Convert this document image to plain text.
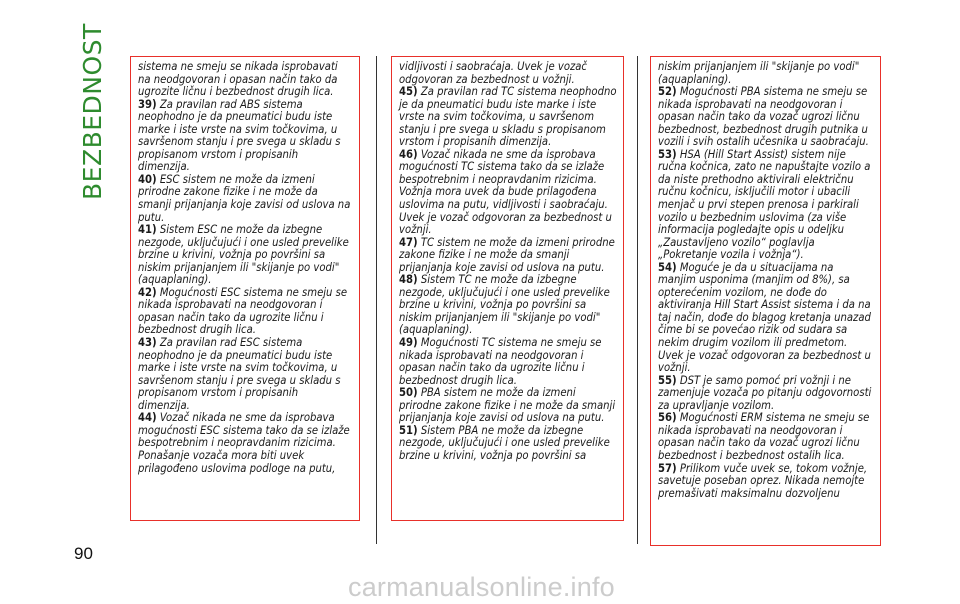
BEZBEDNOST	sistema ne smeju se nikada isprobavati na neodgovoran i opasan način tako da ugrozite ličnu i bezbednost drugih lica.

39) Za pravilan rad ABS sistema neophodno je da pneumatici budu iste marke i iste vrste na svim točkovima, u savršenom stanju i pre svega u skladu s propisanom vrstom i propisanih dimenzija.

40) ESC sistem ne može da izmeni prirodne zakone fizike i ne može da smanji prijanjanja koje zavisi od uslova na putu.

41) Sistem ESC ne može da izbegne nezgode, uključujući i one usled prevelike brzine u krivini, vožnja po površini sa niskim prijanjanjem ili "skijanje po vodi" (aquaplaning).

42) Mogućnosti ESC sistema ne smeju se nikada isprobavati na neodgovoran i opasan način tako da ugrozite ličnu i bezbednost drugih lica.

43) Za pravilan rad ESC sistema neophodno je da pneumatici budu iste marke i iste vrste na svim točkovima, u savršenom stanju i pre svega u skladu s propisanom vrstom i propisanih dimenzija.

44) Vozač nikada ne sme da isprobava mogućnosti ESC sistema tako da se izlaže bespotrebnim i neopravdanim rizicima. Ponašanje vozača mora biti uvek prilagođeno uslovima podloge na putu,

vidljivosti i saobraćaja. Uvek je vozač odgovoran za bezbednost u vožnji.

45) Za pravilan rad TC sistema neophodno je da pneumatici budu iste marke i iste vrste na svim točkovima, u savršenom stanju i pre svega u skladu s propisanom vrstom i propisanih dimenzija.

46) Vozač nikada ne sme da isprobava mogućnosti TC sistema tako da se izlaže bespotrebnim i neopravdanim rizicima. Vožnja mora uvek da bude prilagođena uslovima na putu, vidljivosti i saobraćaju. Uvek je vozač odgovoran za bezbednost u vožnji.

47) TC sistem ne može da izmeni prirodne zakone fizike i ne može da smanji prijanjanja koje zavisi od uslova na putu.

48) Sistem TC ne može da izbegne nezgode, uključujući i one usled prevelike brzine u krivini, vožnja po površini sa niskim prijanjanjem ili "skijanje po vodi" (aquaplaning).

49) Mogućnosti TC sistema ne smeju se nikada isprobavati na neodgovoran i opasan način tako da ugrozite ličnu i bezbednost drugih lica.

50) PBA sistem ne može da izmeni prirodne zakone fizike i ne može da smanji prijanjanja koje zavisi od uslova na putu.

51) Sistem PBA ne može da izbegne nezgode, uključujući i one usled prevelike brzine u krivini, vožnja po površini sa

niskim prijanjanjem ili "skijanje po vodi" (aquaplaning).

52) Mogućnosti PBA sistema ne smeju se nikada isprobavati na neodgovoran i opasan način tako da vozač ugrozi ličnu bezbednost, bezbednost drugih putnika u vozili i svih ostalih učesnika u saobraćaju.

53) HSA (Hill Start Assist) sistem nije ručna kočnica, zato ne napuštajte vozilo a da niste prethodno aktivirali električnu ručnu kočnicu, isključili motor i ubacili menjač u prvi stepen prenosa i parkirali vozilo u bezbednim uslovima (za više informacija pogledajte opis u odeljku „Zaustavljeno vozilo“ poglavlja „Pokretanje vozila i vožnja“).

54) Moguće je da u situacijama na manjim usponima (manjim od 8%), sa opterećenim vozilom, ne dođe do aktiviranja Hill Start Assist sistema i da na taj način, dođe do blagog kretanja unazad čime bi se povećao rizik od sudara sa nekim drugim vozilom ili predmetom. Uvek je vozač odgovoran za bezbednost u vožnji.

55) DST je samo pomoć pri vožnji i ne zamenjuje vozača po pitanju odgovornosti za upravljanje vozilom.

56) Mogućnosti ERM sistema ne smeju se nikada isprobavati na neodgovoran i opasan način tako da vozač ugrozi ličnu bezbednost i bezbednost ostalih lica.

57) Prilikom vuče uvek se, tokom vožnje, savetuje poseban oprez. Nikada nemojte premašivati maksimalnu dozvoljenu

90
carmanualsonline.info
